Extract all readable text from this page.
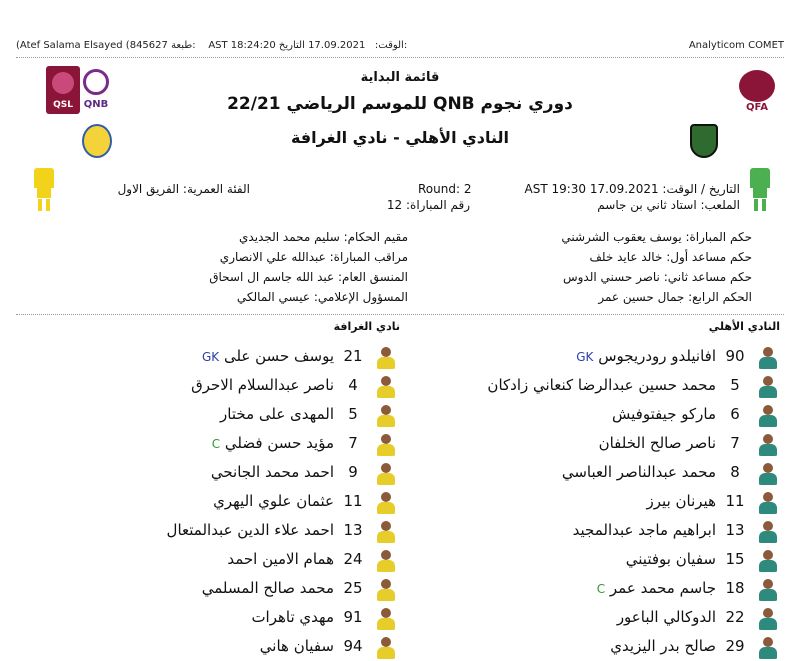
(Atef Salama Elsayed (845627 طبعة: AST 18:24:20	الوقت:   17.09.2021 التاريخ:	Analyticom COMET
QSL	QNB	QFA
قائمة البداية
دوري نجوم QNB للموسم الرياضي 22/21
النادي الأهلي - نادي الغرافة
التاريخ / الوقت: 17.09.2021 AST 19:30
الملعب: استاد ثاني بن جاسم
Round: 2
رقم المباراة: 12
الفئة العمرية: الفريق الاول
حكم المباراة: يوسف يعقوب الشرشني
حكم مساعد أول: خالد عايد خلف
حكم مساعد ثاني: ناصر حسني الدوس
الحكم الرابع: جمال حسين عمر
مقيم الحكام: سليم محمد الجديدي
مراقب المباراة: عبدالله علي الانصاري
المنسق العام: عبد الله جاسم ال اسحاق
المسؤول الإعلامي: عيسي المالكي
النادي الأهلي
نادي الغرافة
90
افانيلدو رودريجوس GK
5
محمد حسين عبدالرضا كنعاني زادكان
6
ماركو جيفتوفيش
7
ناصر صالح الخلفان
8
محمد عبدالناصر العباسي
11
هيرنان بيرز
13
ابراهيم ماجد عبدالمجيد
15
سفيان بوفتيني
18
جاسم محمد عمر C
22
الدوكالي الباعور
29
صالح بدر اليزيدي
21
يوسف حسن على GK
4
ناصر عبدالسلام الاحرق
5
المهدى على مختار
7
مؤيد حسن فضلي C
9
احمد محمد الجانحي
11
عثمان علوي اليهري
13
احمد علاء الدين عبدالمتعال
24
همام الامين احمد
25
محمد صالح المسلمي
91
مهدي تاهرات
94
سفيان هاني
